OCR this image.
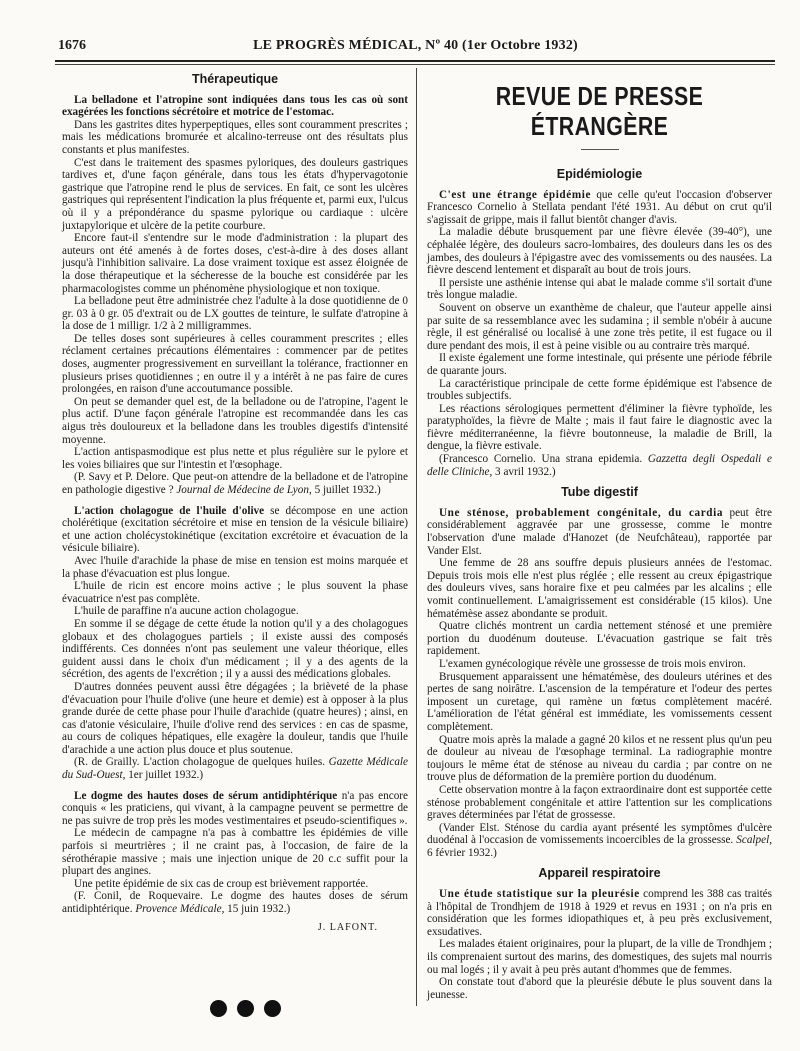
1676	LE PROGRÈS MÉDICAL, Nº 40 (1er Octobre 1932)
Thérapeutique

La belladone et l'atropine sont indiquées dans tous les cas où sont exagérées les fonctions sécrétoire et motrice de l'estomac.

Dans les gastrites dites hyperpeptiques, elles sont couramment prescrites ; mais les médications bromurée et alcalino-terreuse ont des résultats plus constants et plus manifestes.

C'est dans le traitement des spasmes pyloriques, des douleurs gastriques tardives et, d'une façon générale, dans tous les états d'hypervagotonie gastrique que l'atropine rend le plus de services. En fait, ce sont les ulcères gastriques qui représentent l'indication la plus fréquente et, parmi eux, l'ulcus où il y a prépondérance du spasme pylorique ou cardiaque : ulcère juxtapylorique et ulcère de la petite courbure.

Encore faut-il s'entendre sur le mode d'administration : la plupart des auteurs ont été amenés à de fortes doses, c'est-à-dire à des doses allant jusqu'à l'inhibition salivaire. La dose vraiment toxique est assez éloignée de la dose thérapeutique et la sécheresse de la bouche est considérée par les pharmacologistes comme un phénomène physiologique et non toxique.

La belladone peut être administrée chez l'adulte à la dose quotidienne de 0 gr. 03 à 0 gr. 05 d'extrait ou de LX gouttes de teinture, le sulfate d'atropine à la dose de 1 milligr. 1/2 à 2 milligrammes.

De telles doses sont supérieures à celles couramment prescrites ; elles réclament certaines précautions élémentaires : commencer par de petites doses, augmenter progressivement en surveillant la tolérance, fractionner en plusieurs prises quotidiennes ; en outre il y a intérêt à ne pas faire de cures prolongées, en raison d'une accoutumance possible.

On peut se demander quel est, de la belladone ou de l'atropine, l'agent le plus actif. D'une façon générale l'atropine est recommandée dans les cas aigus très douloureux et la belladone dans les troubles digestifs d'intensité moyenne.

L'action antispasmodique est plus nette et plus régulière sur le pylore et les voies biliaires que sur l'intestin et l'œsophage.

(P. Savy et P. Delore. Que peut-on attendre de la belladone et de l'atropine en pathologie digestive ? Journal de Médecine de Lyon, 5 juillet 1932.)

L'action cholagogue de l'huile d'olive se décompose en une action cholérétique (excitation sécrétoire et mise en tension de la vésicule biliaire) et une action cholécystokinétique (excitation excrétoire et évacuation de la vésicule biliaire).

Avec l'huile d'arachide la phase de mise en tension est moins marquée et la phase d'évacuation est plus longue.

L'huile de ricin est encore moins active ; le plus souvent la phase évacuatrice n'est pas complète.

L'huile de paraffine n'a aucune action cholagogue.

En somme il se dégage de cette étude la notion qu'il y a des cholagogues globaux et des cholagogues partiels ; il existe aussi des composés indifférents. Ces données n'ont pas seulement une valeur théorique, elles guident aussi dans le choix d'un médicament ; il y a des agents de la sécrétion, des agents de l'excrétion ; il y a aussi des médications globales.

D'autres données peuvent aussi être dégagées ; la brièveté de la phase d'évacuation pour l'huile d'olive (une heure et demie) est à opposer à la plus grande durée de cette phase pour l'huile d'arachide (quatre heures) ; ainsi, en cas d'atonie vésiculaire, l'huile d'olive rend des services : en cas de spasme, au cours de coliques hépatiques, elle exagère la douleur, tandis que l'huile d'arachide a une action plus douce et plus soutenue.

(R. de Grailly. L'action cholagogue de quelques huiles. Gazette Médicale du Sud-Ouest, 1er juillet 1932.)

Le dogme des hautes doses de sérum antidiphtérique n'a pas encore conquis « les praticiens, qui vivant, à la campagne peuvent se permettre de ne pas suivre de trop près les modes vestimentaires et pseudo-scientifiques ».

Le médecin de campagne n'a pas à combattre les épidémies de ville parfois si meurtrières ; il ne craint pas, à l'occasion, de faire de la sérothérapie massive ; mais une injection unique de 20 c.c suffit pour la plupart des angines.

Une petite épidémie de six cas de croup est brièvement rapportée.

(F. Conil, de Roquevaire. Le dogme des hautes doses de sérum antidiphtérique. Provence Médicale, 15 juin 1932.)

J. LAFONT.

REVUE DE PRESSE ÉTRANGÈRE
Epidémiologie

C'est une étrange épidémie que celle qu'eut l'occasion d'observer Francesco Cornelio à Stellata pendant l'été 1931. Au début on crut qu'il s'agissait de grippe, mais il fallut bientôt changer d'avis.

La maladie débute brusquement par une fièvre élevée (39-40°), une céphalée légère, des douleurs sacro-lombaires, des douleurs dans les os des jambes, des douleurs à l'épigastre avec des vomissements ou des nausées. La fièvre descend lentement et disparaît au bout de trois jours.

Il persiste une asthénie intense qui abat le malade comme s'il sortait d'une très longue maladie.

Souvent on observe un exanthème de chaleur, que l'auteur appelle ainsi par suite de sa ressemblance avec les sudamina ; il semble n'obéir à aucune règle, il est généralisé ou localisé à une zone très petite, il est fugace ou il dure pendant des mois, il est à peine visible ou au contraire très marqué.

Il existe également une forme intestinale, qui présente une période fébrile de quarante jours.

La caractéristique principale de cette forme épidémique est l'absence de troubles subjectifs.

Les réactions sérologiques permettent d'éliminer la fièvre typhoïde, les paratyphoïdes, la fièvre de Malte ; mais il faut faire le diagnostic avec la fièvre méditerranéenne, la fièvre boutonneuse, la maladie de Brill, la dengue, la fièvre estivale.

(Francesco Cornelio. Una strana epidemia. Gazzetta degli Ospedali e delle Cliniche, 3 avril 1932.)

Tube digestif

Une sténose, probablement congénitale, du cardia peut être considérablement aggravée par une grossesse, comme le montre l'observation d'une malade d'Hanozet (de Neufchâteau), rapportée par Vander Elst.

Une femme de 28 ans souffre depuis plusieurs années de l'estomac. Depuis trois mois elle n'est plus réglée ; elle ressent au creux épigastrique des douleurs vives, sans horaire fixe et peu calmées par les alcalins ; elle vomit continuellement. L'amaigrissement est considérable (15 kilos). Une hématémèse assez abondante se produit.

Quatre clichés montrent un cardia nettement sténosé et une première portion du duodénum douteuse. L'évacuation gastrique se fait très rapidement.

L'examen gynécologique révèle une grossesse de trois mois environ.

Brusquement apparaissent une hématémèse, des douleurs utérines et des pertes de sang noirâtre. L'ascension de la température et l'odeur des pertes imposent un curetage, qui ramène un fœtus complètement macéré. L'amélioration de l'état général est immédiate, les vomissements cessent complètement.

Quatre mois après la malade a gagné 20 kilos et ne ressent plus qu'un peu de douleur au niveau de l'œsophage terminal. La radiographie montre toujours le même état de sténose au niveau du cardia ; par contre on ne trouve plus de déformation de la première portion du duodénum.

Cette observation montre à la façon extraordinaire dont est supportée cette sténose probablement congénitale et attire l'attention sur les complications graves déterminées par l'état de grossesse.

(Vander Elst. Sténose du cardia ayant présenté les symptômes d'ulcère duodénal à l'occasion de vomissements incoercibles de la grossesse. Scalpel, 6 février 1932.)

Appareil respiratoire

Une étude statistique sur la pleurésie comprend les 388 cas traités à l'hôpital de Trondhjem de 1918 à 1929 et revus en 1931 ; on n'a pris en considération que les formes idiopathiques et, à peu près exclusivement, exsudatives.

Les malades étaient originaires, pour la plupart, de la ville de Trondhjem ; ils comprenaient surtout des marins, des domestiques, des sujets mal nourris ou mal logés ; il y avait à peu près autant d'hommes que de femmes.

On constate tout d'abord que la pleurésie débute le plus souvent dans la jeunesse.
